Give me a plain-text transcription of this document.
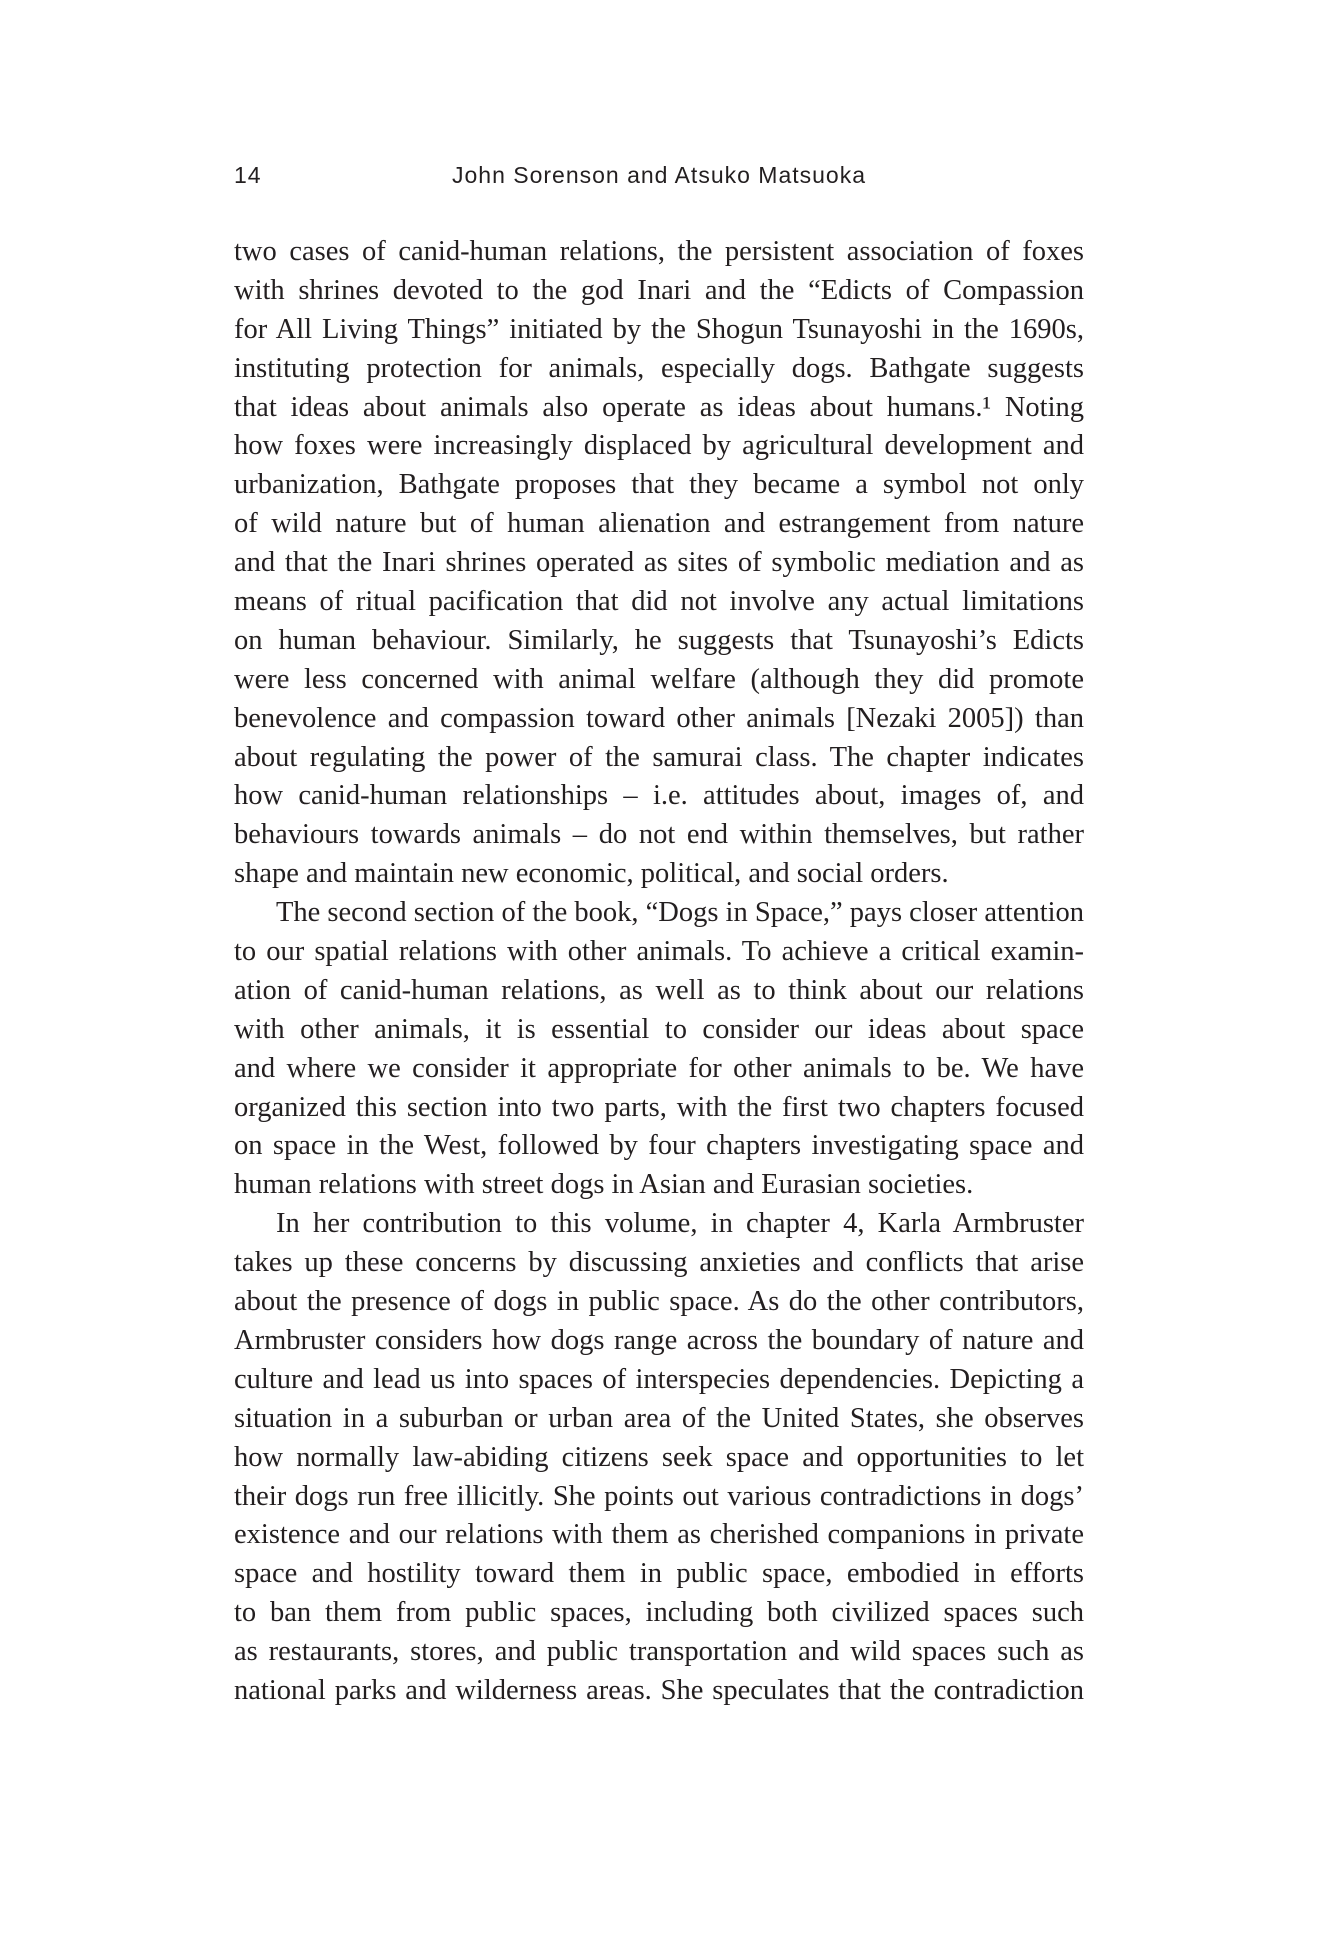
14	John Sorenson and Atsuko Matsuoka
two cases of canid-human relations, the persistent association of foxes
with shrines devoted to the god Inari and the “Edicts of Compassion
for All Living Things” initiated by the Shogun Tsunayoshi in the 1690s,
instituting protection for animals, especially dogs. Bathgate suggests
that ideas about animals also operate as ideas about humans.¹ Noting
how foxes were increasingly displaced by agricultural development and
urbanization, Bathgate proposes that they became a symbol not only
of wild nature but of human alienation and estrangement from nature
and that the Inari shrines operated as sites of symbolic mediation and as
means of ritual pacification that did not involve any actual limitations
on human behaviour. Similarly, he suggests that Tsunayoshi’s Edicts
were less concerned with animal welfare (although they did promote
benevolence and compassion toward other animals [Nezaki 2005]) than
about regulating the power of the samurai class. The chapter indicates
how canid-human relationships – i.e. attitudes about, images of, and
behaviours towards animals – do not end within themselves, but rather
shape and maintain new economic, political, and social orders.
The second section of the book, “Dogs in Space,” pays closer attention
to our spatial relations with other animals. To achieve a critical examin-
ation of canid-human relations, as well as to think about our relations
with other animals, it is essential to consider our ideas about space
and where we consider it appropriate for other animals to be. We have
organized this section into two parts, with the first two chapters focused
on space in the West, followed by four chapters investigating space and
human relations with street dogs in Asian and Eurasian societies.
In her contribution to this volume, in chapter 4, Karla Armbruster
takes up these concerns by discussing anxieties and conflicts that arise
about the presence of dogs in public space. As do the other contributors,
Armbruster considers how dogs range across the boundary of nature and
culture and lead us into spaces of interspecies dependencies. Depicting a
situation in a suburban or urban area of the United States, she observes
how normally law-abiding citizens seek space and opportunities to let
their dogs run free illicitly. She points out various contradictions in dogs’
existence and our relations with them as cherished companions in private
space and hostility toward them in public space, embodied in efforts
to ban them from public spaces, including both civilized spaces such
as restaurants, stores, and public transportation and wild spaces such as
national parks and wilderness areas. She speculates that the contradiction
